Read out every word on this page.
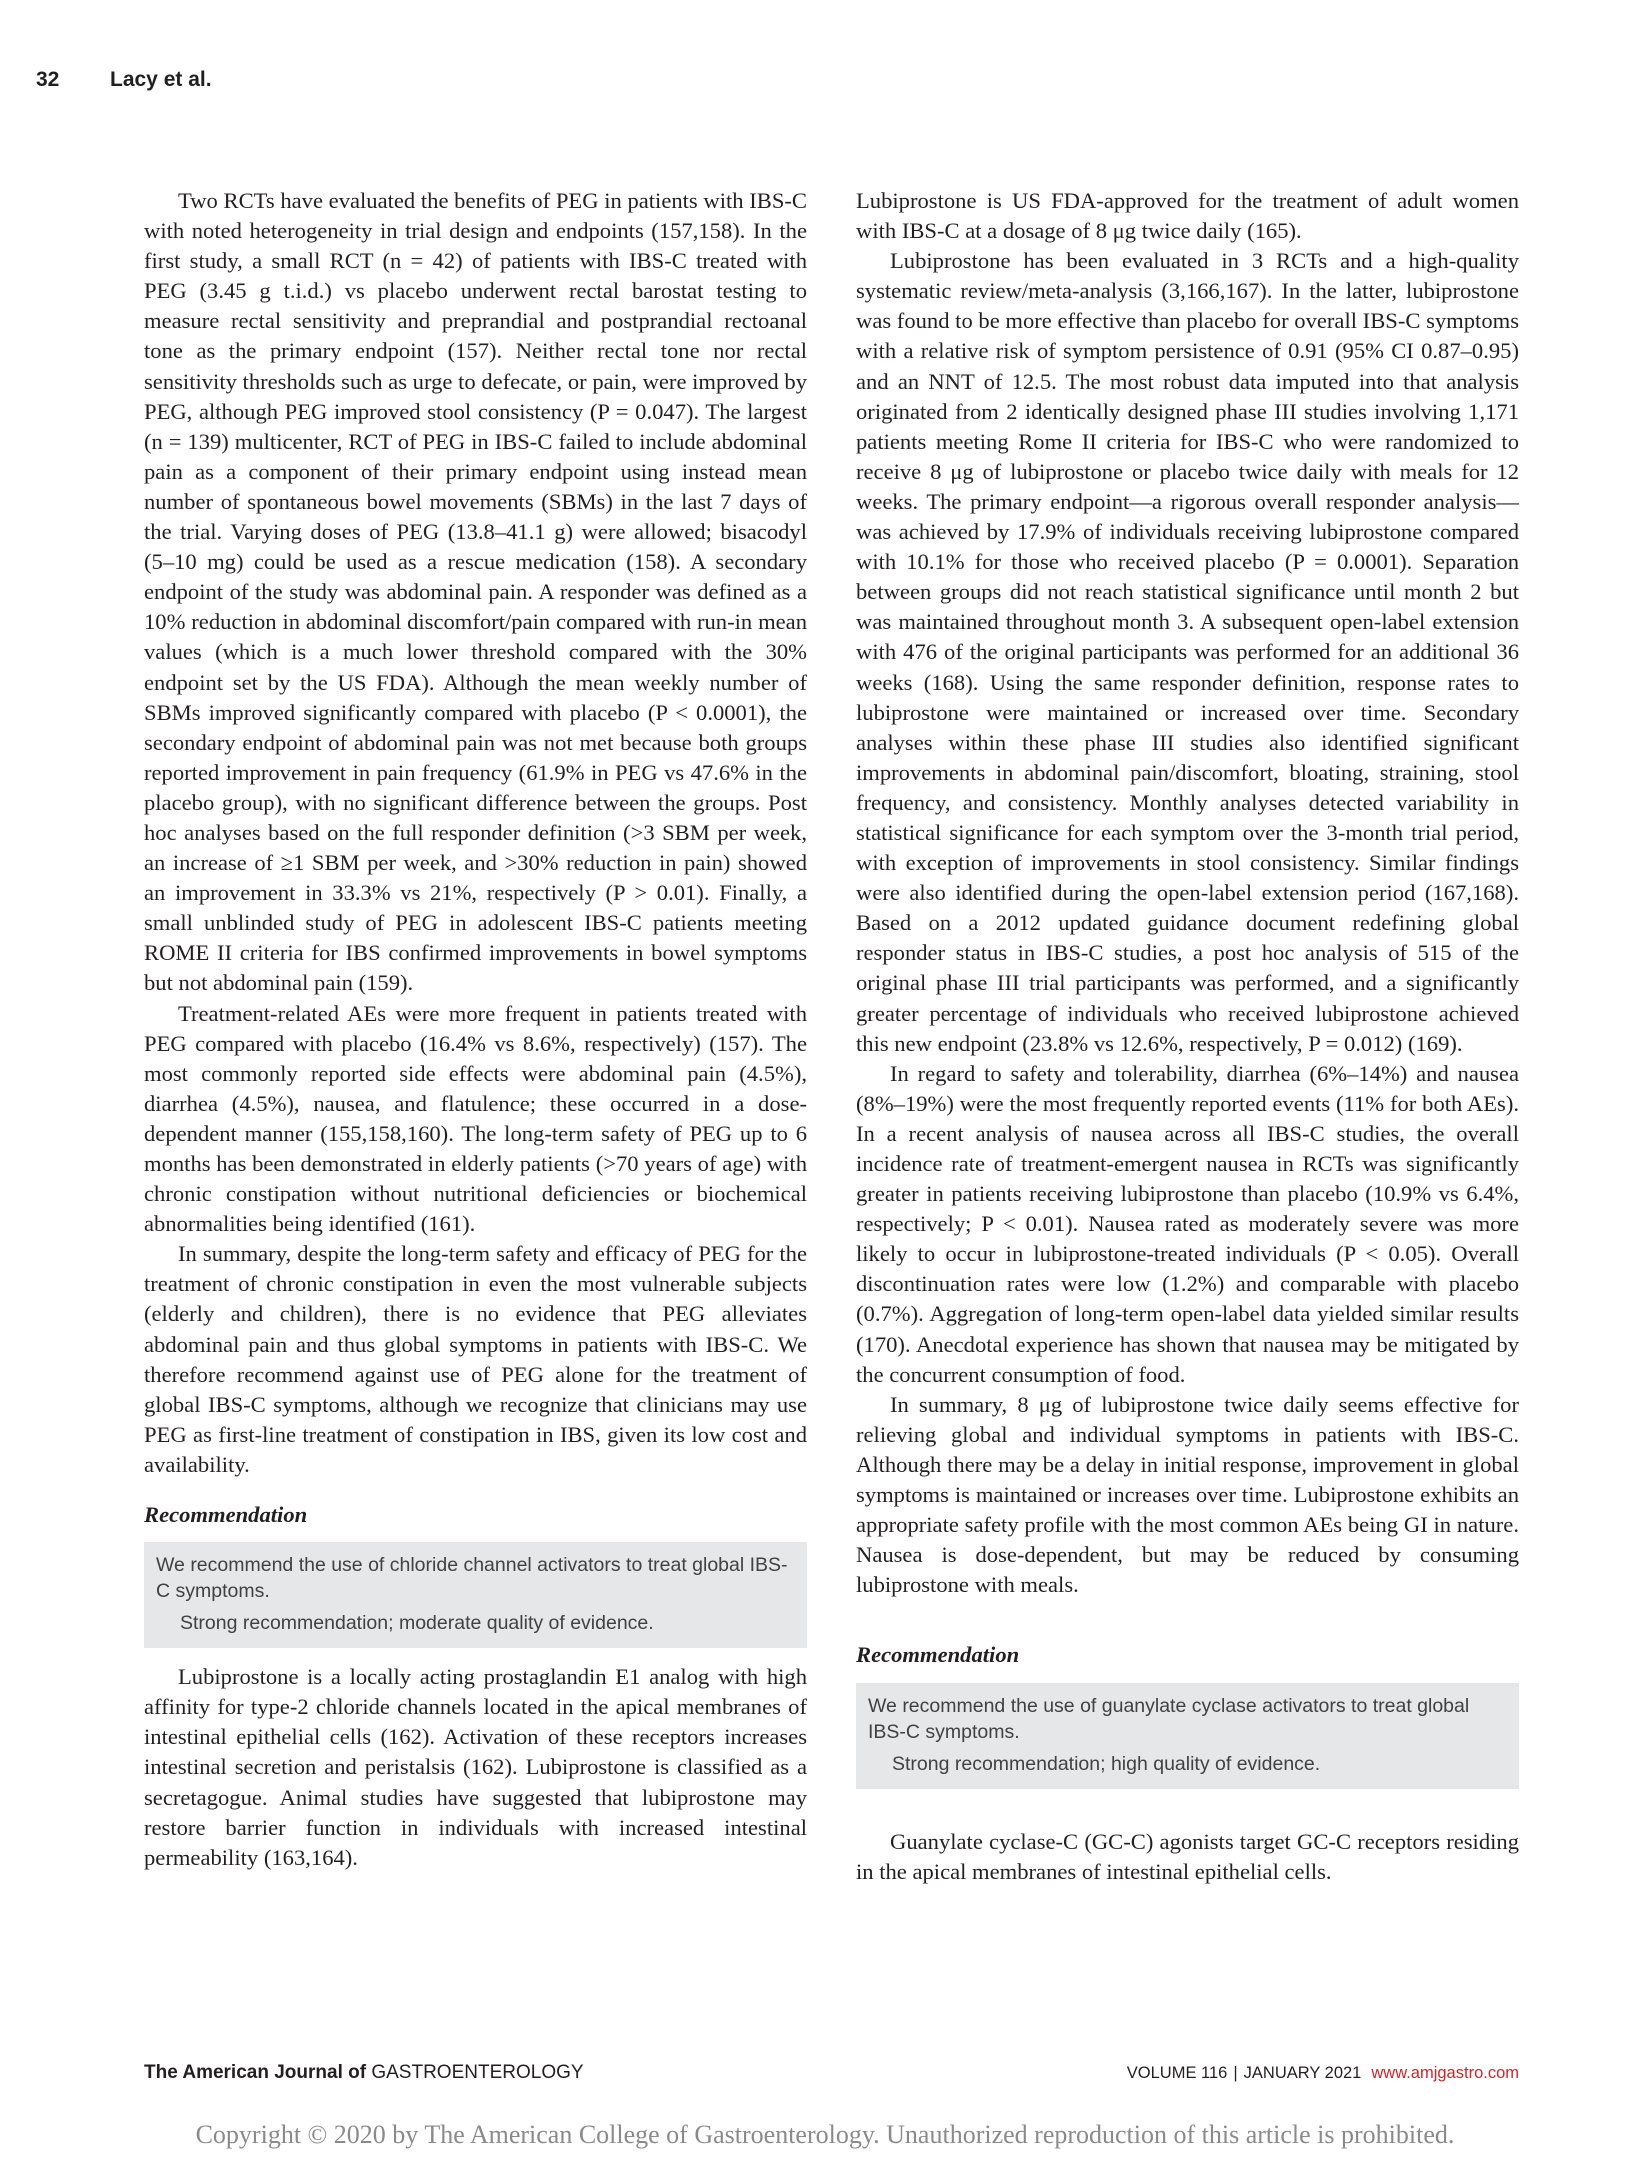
32 Lacy et al.

Two RCTs have evaluated the benefits of PEG in patients with IBS-C with noted heterogeneity in trial design and endpoints (157,158). In the first study, a small RCT (n = 42) of patients with IBS-C treated with PEG (3.45 g t.i.d.) vs placebo underwent rectal barostat testing to measure rectal sensitivity and preprandial and postprandial rectoanal tone as the primary endpoint (157). Neither rectal tone nor rectal sensitivity thresholds such as urge to defecate, or pain, were improved by PEG, although PEG improved stool consistency (P = 0.047). The largest (n = 139) multicenter, RCT of PEG in IBS-C failed to include abdominal pain as a component of their primary endpoint using instead mean number of spontaneous bowel movements (SBMs) in the last 7 days of the trial. Varying doses of PEG (13.8–41.1 g) were allowed; bisacodyl (5–10 mg) could be used as a rescue medication (158). A secondary endpoint of the study was abdominal pain. A responder was defined as a 10% reduction in abdominal discomfort/pain compared with run-in mean values (which is a much lower threshold compared with the 30% endpoint set by the US FDA). Although the mean weekly number of SBMs improved significantly compared with placebo (P < 0.0001), the secondary endpoint of abdominal pain was not met because both groups reported improvement in pain frequency (61.9% in PEG vs 47.6% in the placebo group), with no significant difference between the groups. Post hoc analyses based on the full responder definition (>3 SBM per week, an increase of ≥1 SBM per week, and >30% reduction in pain) showed an improvement in 33.3% vs 21%, respectively (P > 0.01). Finally, a small unblinded study of PEG in adolescent IBS-C patients meeting ROME II criteria for IBS confirmed improvements in bowel symptoms but not abdominal pain (159).

Treatment-related AEs were more frequent in patients treated with PEG compared with placebo (16.4% vs 8.6%, respectively) (157). The most commonly reported side effects were abdominal pain (4.5%), diarrhea (4.5%), nausea, and flatulence; these occurred in a dose-dependent manner (155,158,160). The long-term safety of PEG up to 6 months has been demonstrated in elderly patients (>70 years of age) with chronic constipation without nutritional deficiencies or biochemical abnormalities being identified (161).

In summary, despite the long-term safety and efficacy of PEG for the treatment of chronic constipation in even the most vulnerable subjects (elderly and children), there is no evidence that PEG alleviates abdominal pain and thus global symptoms in patients with IBS-C. We therefore recommend against use of PEG alone for the treatment of global IBS-C symptoms, although we recognize that clinicians may use PEG as first-line treatment of constipation in IBS, given its low cost and availability.

Recommendation

We recommend the use of chloride channel activators to treat global IBS-C symptoms.
Strong recommendation; moderate quality of evidence.

Lubiprostone is a locally acting prostaglandin E1 analog with high affinity for type-2 chloride channels located in the apical membranes of intestinal epithelial cells (162). Activation of these receptors increases intestinal secretion and peristalsis (162). Lubiprostone is classified as a secretagogue. Animal studies have suggested that lubiprostone may restore barrier function in individuals with increased intestinal permeability (163,164).

Lubiprostone is US FDA-approved for the treatment of adult women with IBS-C at a dosage of 8 μg twice daily (165).

Lubiprostone has been evaluated in 3 RCTs and a high-quality systematic review/meta-analysis (3,166,167). In the latter, lubiprostone was found to be more effective than placebo for overall IBS-C symptoms with a relative risk of symptom persistence of 0.91 (95% CI 0.87–0.95) and an NNT of 12.5. The most robust data imputed into that analysis originated from 2 identically designed phase III studies involving 1,171 patients meeting Rome II criteria for IBS-C who were randomized to receive 8 μg of lubiprostone or placebo twice daily with meals for 12 weeks. The primary endpoint—a rigorous overall responder analysis—was achieved by 17.9% of individuals receiving lubiprostone compared with 10.1% for those who received placebo (P = 0.0001). Separation between groups did not reach statistical significance until month 2 but was maintained throughout month 3. A subsequent open-label extension with 476 of the original participants was performed for an additional 36 weeks (168). Using the same responder definition, response rates to lubiprostone were maintained or increased over time. Secondary analyses within these phase III studies also identified significant improvements in abdominal pain/discomfort, bloating, straining, stool frequency, and consistency. Monthly analyses detected variability in statistical significance for each symptom over the 3-month trial period, with exception of improvements in stool consistency. Similar findings were also identified during the open-label extension period (167,168). Based on a 2012 updated guidance document redefining global responder status in IBS-C studies, a post hoc analysis of 515 of the original phase III trial participants was performed, and a significantly greater percentage of individuals who received lubiprostone achieved this new endpoint (23.8% vs 12.6%, respectively, P = 0.012) (169).

In regard to safety and tolerability, diarrhea (6%–14%) and nausea (8%–19%) were the most frequently reported events (11% for both AEs). In a recent analysis of nausea across all IBS-C studies, the overall incidence rate of treatment-emergent nausea in RCTs was significantly greater in patients receiving lubiprostone than placebo (10.9% vs 6.4%, respectively; P < 0.01). Nausea rated as moderately severe was more likely to occur in lubiprostone-treated individuals (P < 0.05). Overall discontinuation rates were low (1.2%) and comparable with placebo (0.7%). Aggregation of long-term open-label data yielded similar results (170). Anecdotal experience has shown that nausea may be mitigated by the concurrent consumption of food.

In summary, 8 μg of lubiprostone twice daily seems effective for relieving global and individual symptoms in patients with IBS-C. Although there may be a delay in initial response, improvement in global symptoms is maintained or increases over time. Lubiprostone exhibits an appropriate safety profile with the most common AEs being GI in nature. Nausea is dose-dependent, but may be reduced by consuming lubiprostone with meals.

Recommendation

We recommend the use of guanylate cyclase activators to treat global IBS-C symptoms.
Strong recommendation; high quality of evidence.

Guanylate cyclase-C (GC-C) agonists target GC-C receptors residing in the apical membranes of intestinal epithelial cells.

The American Journal of GASTROENTEROLOGY	VOLUME 116 | JANUARY 2021 www.amjgastro.com
Copyright © 2020 by The American College of Gastroenterology. Unauthorized reproduction of this article is prohibited.
